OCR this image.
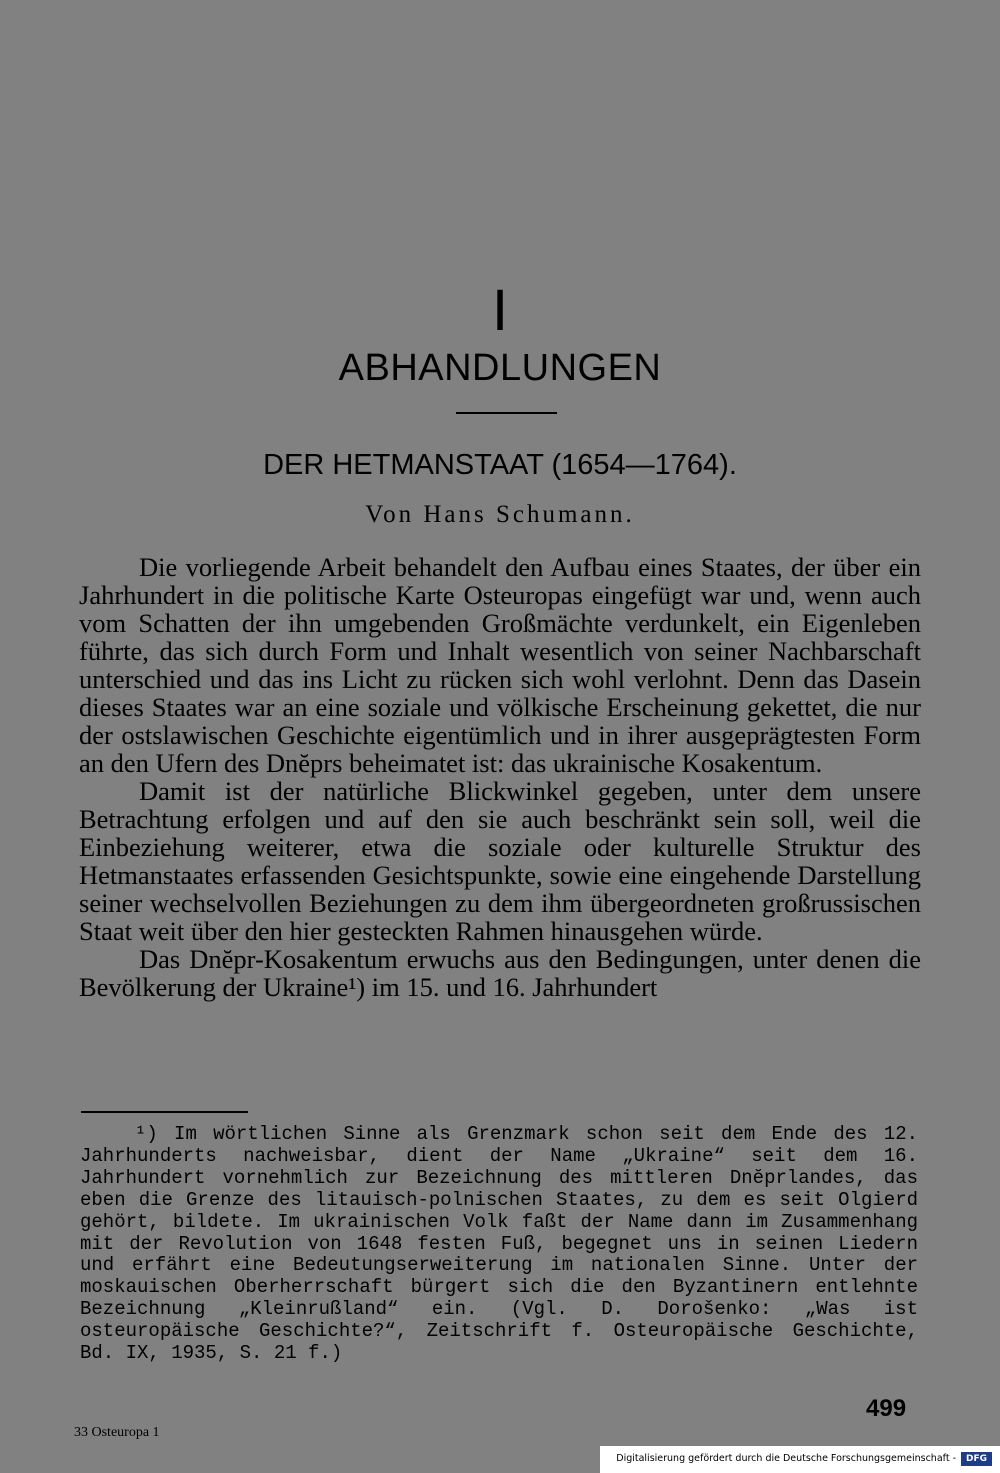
I
ABHANDLUNGEN
DER HETMANSTAAT (1654—1764).
Von Hans Schumann.

Die vorliegende Arbeit behandelt den Aufbau eines Staates, der über ein Jahrhundert in die politische Karte Osteuropas eingefügt war und, wenn auch vom Schatten der ihn umgebenden Großmächte verdunkelt, ein Eigenleben führte, das sich durch Form und Inhalt wesentlich von seiner Nachbarschaft unterschied und das ins Licht zu rücken sich wohl verlohnt. Denn das Dasein dieses Staates war an eine soziale und völkische Erscheinung gekettet, die nur der ostslawischen Geschichte eigentümlich und in ihrer ausgeprägtesten Form an den Ufern des Dnĕprs beheimatet ist: das ukrainische Kosakentum.

Damit ist der natürliche Blickwinkel gegeben, unter dem unsere Betrachtung erfolgen und auf den sie auch beschränkt sein soll, weil die Einbeziehung weiterer, etwa die soziale oder kulturelle Struktur des Hetmanstaates erfassenden Gesichtspunkte, sowie eine eingehende Darstellung seiner wechselvollen Beziehungen zu dem ihm übergeordneten großrussischen Staat weit über den hier gesteckten Rahmen hinausgehen würde.

Das Dnĕpr-Kosakentum erwuchs aus den Bedingungen, unter denen die Bevölkerung der Ukraine¹) im 15. und 16. Jahrhundert

¹) Im wörtlichen Sinne als Grenzmark schon seit dem Ende des 12. Jahrhunderts nachweisbar, dient der Name „Ukraine“ seit dem 16. Jahrhundert vornehmlich zur Bezeichnung des mittleren Dnĕprlandes, das eben die Grenze des litauisch-polnischen Staates, zu dem es seit Olgierd gehört, bildete. Im ukrainischen Volk faßt der Name dann im Zusammenhang mit der Revolution von 1648 festen Fuß, begegnet uns in seinen Liedern und erfährt eine Bedeutungserweiterung im nationalen Sinne. Unter der moskauischen Oberherrschaft bürgert sich die den Byzantinern entlehnte Bezeichnung „Kleinrußland“ ein. (Vgl. D. Dorošenko: „Was ist osteuropäische Geschichte?“, Zeitschrift f. Osteuropäische Geschichte, Bd. IX, 1935, S. 21 f.)

499
33 Osteuropa 1
Digitalisierung gefördert durch die Deutsche Forschungsgemeinschaft -	DFG
